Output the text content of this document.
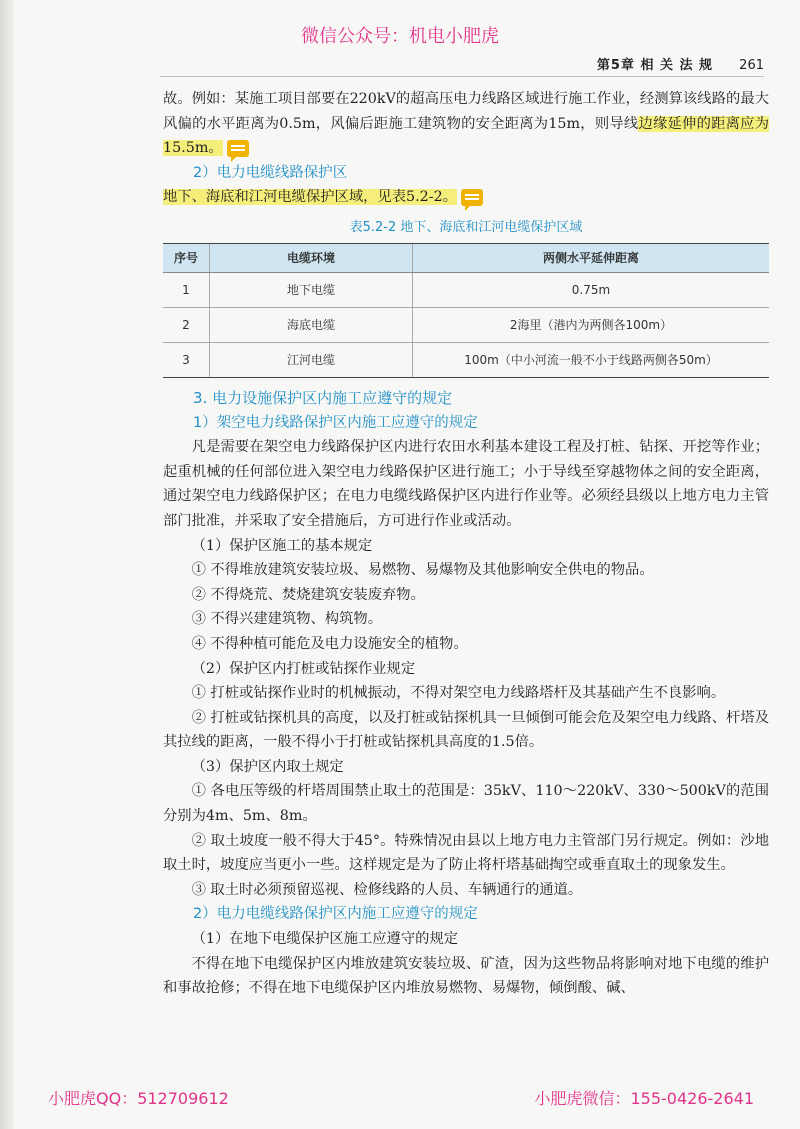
微信公众号：机电小肥虎
第5章 相 关 法 规 261

故。例如：某施工项目部要在220kV的超高压电力线路区域进行施工作业，经测算该线路的最大风偏的水平距离为0.5m，风偏后距施工建筑物的安全距离为15m，则导线边缘延伸的距离应为15.5m。

2）电力电缆线路保护区

地下、海底和江河电缆保护区域，见表5.2-2。

表5.2-2 地下、海底和江河电缆保护区域
序号	电缆环境	两侧水平延伸距离
1	地下电缆	0.75m
2	海底电缆	2海里（港内为两侧各100m）
3	江河电缆	100m（中小河流一般不小于线路两侧各50m）
3. 电力设施保护区内施工应遵守的规定
1）架空电力线路保护区内施工应遵守的规定

凡是需要在架空电力线路保护区内进行农田水利基本建设工程及打桩、钻探、开挖等作业；起重机械的任何部位进入架空电力线路保护区进行施工；小于导线至穿越物体之间的安全距离，通过架空电力线路保护区；在电力电缆线路保护区内进行作业等。必须经县级以上地方电力主管部门批准，并采取了安全措施后，方可进行作业或活动。

（1）保护区施工的基本规定

① 不得堆放建筑安装垃圾、易燃物、易爆物及其他影响安全供电的物品。

② 不得烧荒、焚烧建筑安装废弃物。

③ 不得兴建建筑物、构筑物。

④ 不得种植可能危及电力设施安全的植物。

（2）保护区内打桩或钻探作业规定

① 打桩或钻探作业时的机械振动，不得对架空电力线路塔杆及其基础产生不良影响。

② 打桩或钻探机具的高度，以及打桩或钻探机具一旦倾倒可能会危及架空电力线路、杆塔及其拉线的距离，一般不得小于打桩或钻探机具高度的1.5倍。

（3）保护区内取土规定

① 各电压等级的杆塔周围禁止取土的范围是：35kV、110～220kV、330～500kV的范围分别为4m、5m、8m。

② 取土坡度一般不得大于45°。特殊情况由县以上地方电力主管部门另行规定。例如：沙地取土时，坡度应当更小一些。这样规定是为了防止将杆塔基础掏空或垂直取土的现象发生。

③ 取土时必须预留巡视、检修线路的人员、车辆通行的通道。

2）电力电缆线路保护区内施工应遵守的规定

（1）在地下电缆保护区施工应遵守的规定

不得在地下电缆保护区内堆放建筑安装垃圾、矿渣，因为这些物品将影响对地下电缆的维护和事故抢修；不得在地下电缆保护区内堆放易燃物、易爆物，倾倒酸、碱、

小肥虎QQ：512709612	小肥虎微信：155-0426-2641
